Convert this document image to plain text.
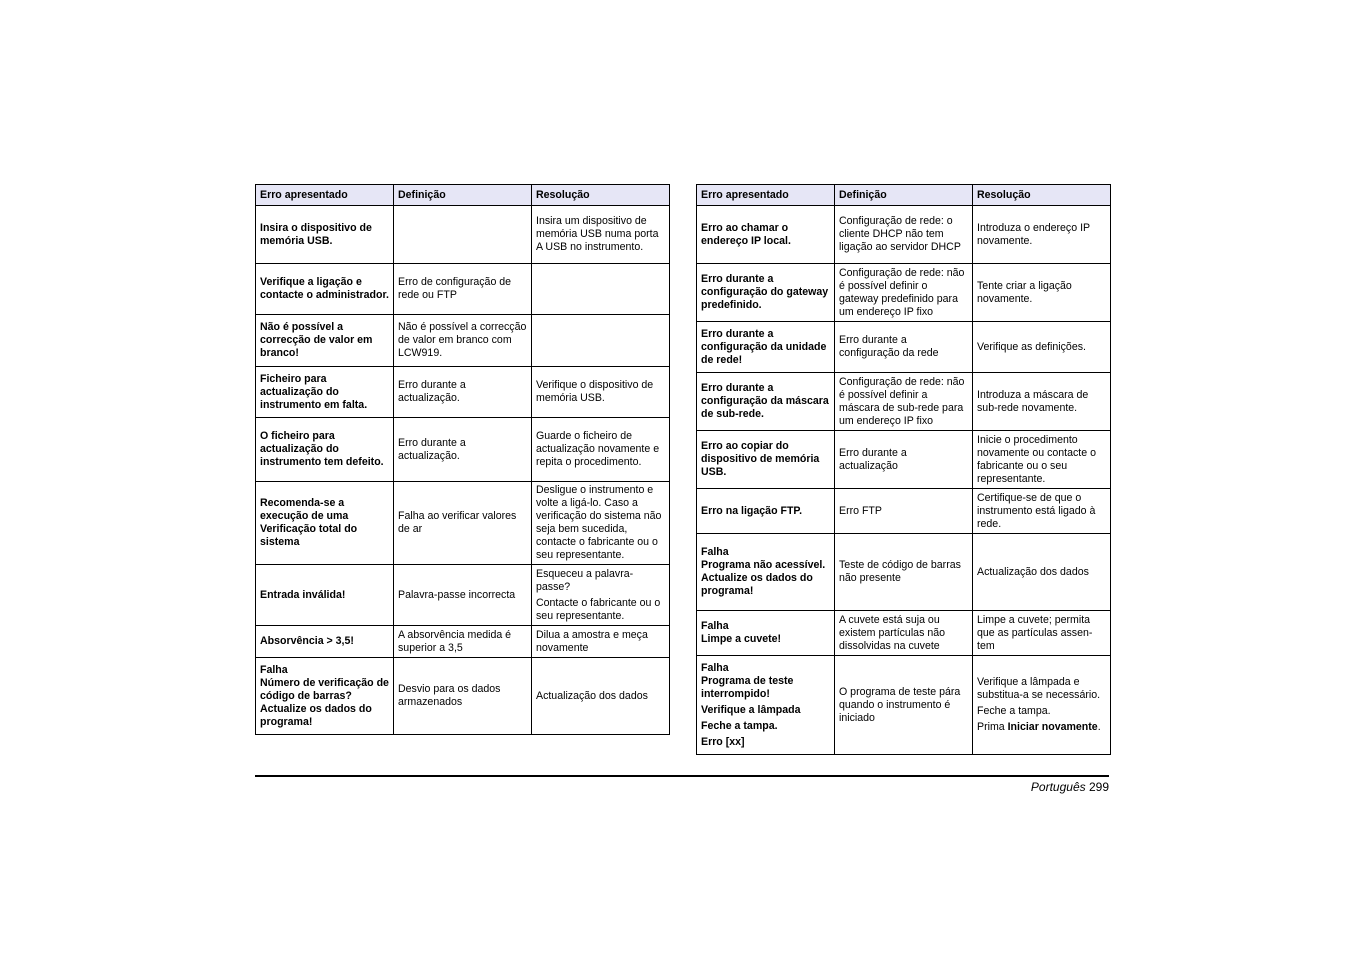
Erro apresentado	Definição	Resolução

Insira o dispositivo de memória USB.		Insira um dispositivo de memória USB numa porta A USB no instrumento.

Verifique a ligação e contacte o administrador.	Erro de configuração de rede ou FTP	

Não é possível a correcção de valor em branco!	Não é possível a correcção de valor em branco com LCW919.	

Ficheiro para actualização do instrumento em falta.	Erro durante a actualização.	Verifique o dispositivo de memória USB.

O ficheiro para actualização do instrumento tem defeito.	Erro durante a actualização.	Guarde o ficheiro de actualização novamente e repita o procedimento.

Recomenda-se a execução de uma Verificação total do sistema	Falha ao verificar valores de ar	Desligue o instrumento e volte a ligá-lo. Caso a verificação do sistema não seja bem sucedida, contacte o fabricante ou o seu representante.

Entrada inválida!	Palavra-passe incorrecta	Esqueceu a palavra-passe?
Contacte o fabricante ou o seu representante.

Absorvência > 3,5!	A absorvência medida é superior a 3,5	Dilua a amostra e meça novamente

Falha
Número de verificação de código de barras? Actualize os dados do programa!	Desvio para os dados armazenados	Actualização dos dados
Erro apresentado	Definição	Resolução

Erro ao chamar o endereço IP local.	Configuração de rede: o cliente DHCP não tem ligação ao servidor DHCP	Introduza o endereço IP novamente.

Erro durante a configuração do gateway predefinido.	Configuração de rede: não é possível definir o gateway predefinido para um endereço IP fixo	Tente criar a ligação novamente.

Erro durante a configuração da unidade de rede!	Erro durante a configuração da rede	Verifique as definições.

Erro durante a configuração da máscara de sub-rede.	Configuração de rede: não é possível definir a máscara de sub-rede para um endereço IP fixo	Introduza a máscara de sub-rede novamente.

Erro ao copiar do dispositivo de memória USB.	Erro durante a actualização	Inicie o procedimento novamente ou contacte o fabricante ou o seu representante.

Erro na ligação FTP.	Erro FTP	Certifique-se de que o instrumento está ligado à rede.

Falha
Programa não acessível.
Actualize os dados do programa!	Teste de código de barras não presente	Actualização dos dados

Falha
Limpe a cuvete!	A cuvete está suja ou existem partículas não dissolvidas na cuvete	Limpe a cuvete; permita que as partículas assen-tem

Falha
Programa de teste interrompido!
Verifique a lâmpada
Feche a tampa.
Erro [xx]	O programa de teste pára quando o instrumento é iniciado	Verifique a lâmpada e substitua-a se necessário.
Feche a tampa.
Prima Iniciar novamente.
Português 299
